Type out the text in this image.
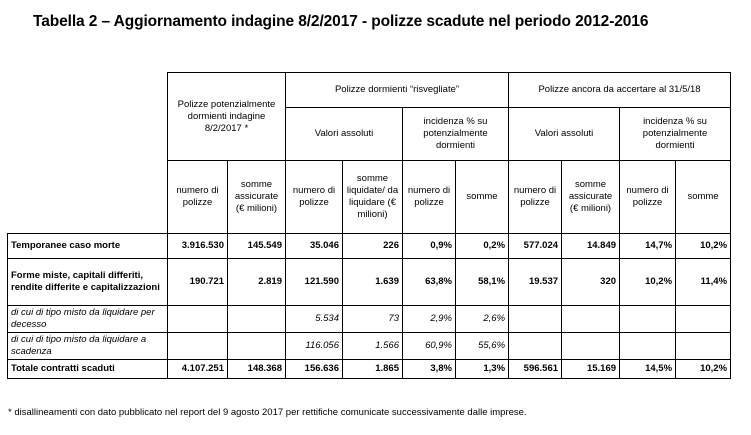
Tabella 2 – Aggiornamento indagine 8/2/2017 - polizze scadute nel periodo 2012-2016
	Polizze potenzialmente dormienti indagine 8/2/2017 *		Polizze dormienti “risvegliate”				Polizze ancora da accertare al 31/5/18			
			Valori assoluti		incidenza % su potenzialmente dormienti		Valori assoluti		incidenza % su potenzialmente dormienti	
	numero di polizze	somme assicurate (€ milioni)	numero di polizze	somme liquidate/ da liquidare (€ milioni)	numero di polizze	somme	numero di polizze	somme assicurate (€ milioni)	numero di polizze	somme
Temporanee caso morte	3.916.530	145.549	35.046	226	0,9%	0,2%	577.024	14.849	14,7%	10,2%
Forme miste, capitali differiti, rendite differite e capitalizzazioni	190.721	2.819	121.590	1.639	63,8%	58,1%	19.537	320	10,2%	11,4%
di cui di tipo misto da liquidare per decesso			5.534	73	2,9%	2,6%				
di cui di tipo misto da liquidare a scadenza			116.056	1.566	60,9%	55,6%				
Totale contratti scaduti	4.107.251	148.368	156.636	1.865	3,8%	1,3%	596.561	15.169	14,5%	10,2%
* disallineamenti con dato pubblicato nel report del 9 agosto 2017 per rettifiche comunicate successivamente dalle imprese.
